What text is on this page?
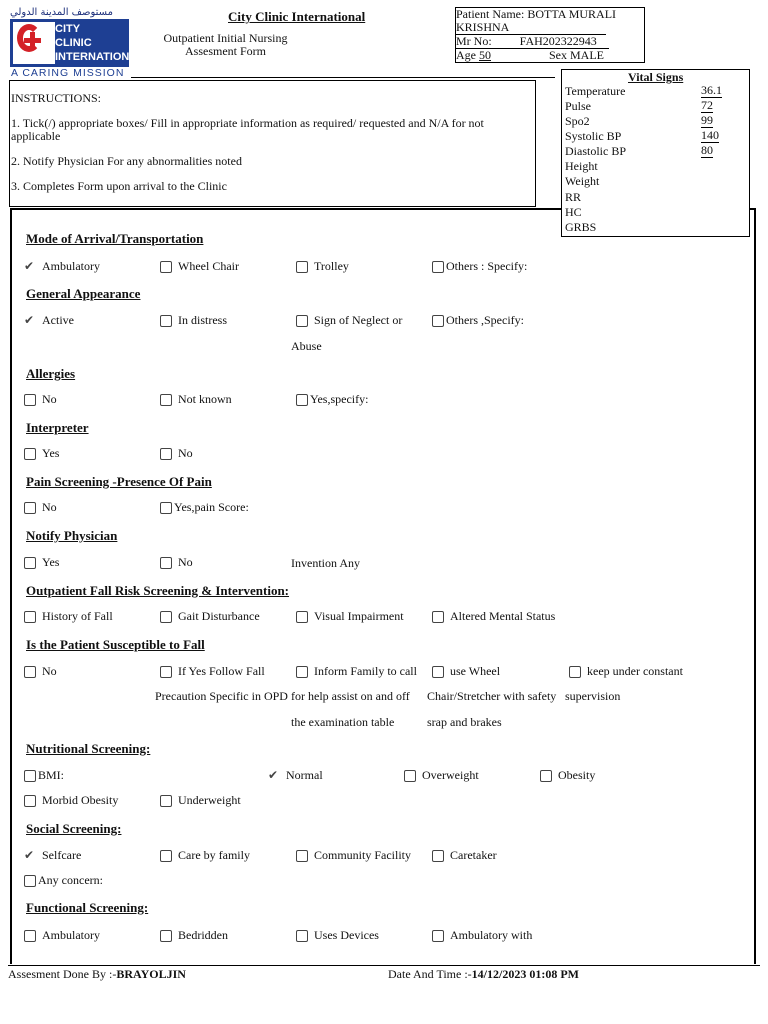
مستوصف المدينة الدولي
CITY
CLINIC
INTERNATIONAL
A CARING MISSION
City Clinic International
Outpatient Initial Nursing
Assesment Form
Patient Name: BOTTA MURALI
KRISHNA
Mr No: FAH202322943
Age 50	Sex MALE

INSTRUCTIONS:

1. Tick(/) appropriate boxes/ Fill in appropriate information as required/ requested and N/A for not

applicable

2. Notify Physician For any abnormalities noted

3. Completes Form upon arrival to the Clinic

Vital Signs
Temperature	36.1
Pulse	72
Spo2	99
Systolic BP	140
Diastolic BP	80
Height
Weight
RR
HC
GRBS
Mode of Arrival/Transportation
✔ Ambulatory	Wheel Chair	Trolley	Others : Specify:
General Appearance
✔ Active	In distress	Sign of Neglect or
Abuse
Others ,Specify:
Allergies
No	Not known	Yes,specify:
Interpreter
Yes	No
Pain Screening -Presence Of Pain
No	Yes,pain Score:
Notify Physician
Yes	No	Invention Any
Outpatient Fall Risk Screening & Intervention:
History of Fall	Gait Disturbance	Visual Impairment	Altered Mental Status
Is the Patient Susceptible to Fall
No	If Yes Follow Fall
Precaution Specific in OPD
Inform Family to call
for help assist on and off
the examination table
use Wheel
Chair/Stretcher with safety
srap and brakes
keep under constant
supervision
Nutritional Screening:
BMI:	✔ Normal	Overweight	Obesity
Morbid Obesity	Underweight
Social Screening:
✔ Selfcare	Care by family	Community Facility	Caretaker
Any concern:
Functional Screening:
Ambulatory	Bedridden	Uses Devices	Ambulatory with
Assesment Done By :-BRAYOLJIN	Date And Time :-14/12/2023 01:08 PM
